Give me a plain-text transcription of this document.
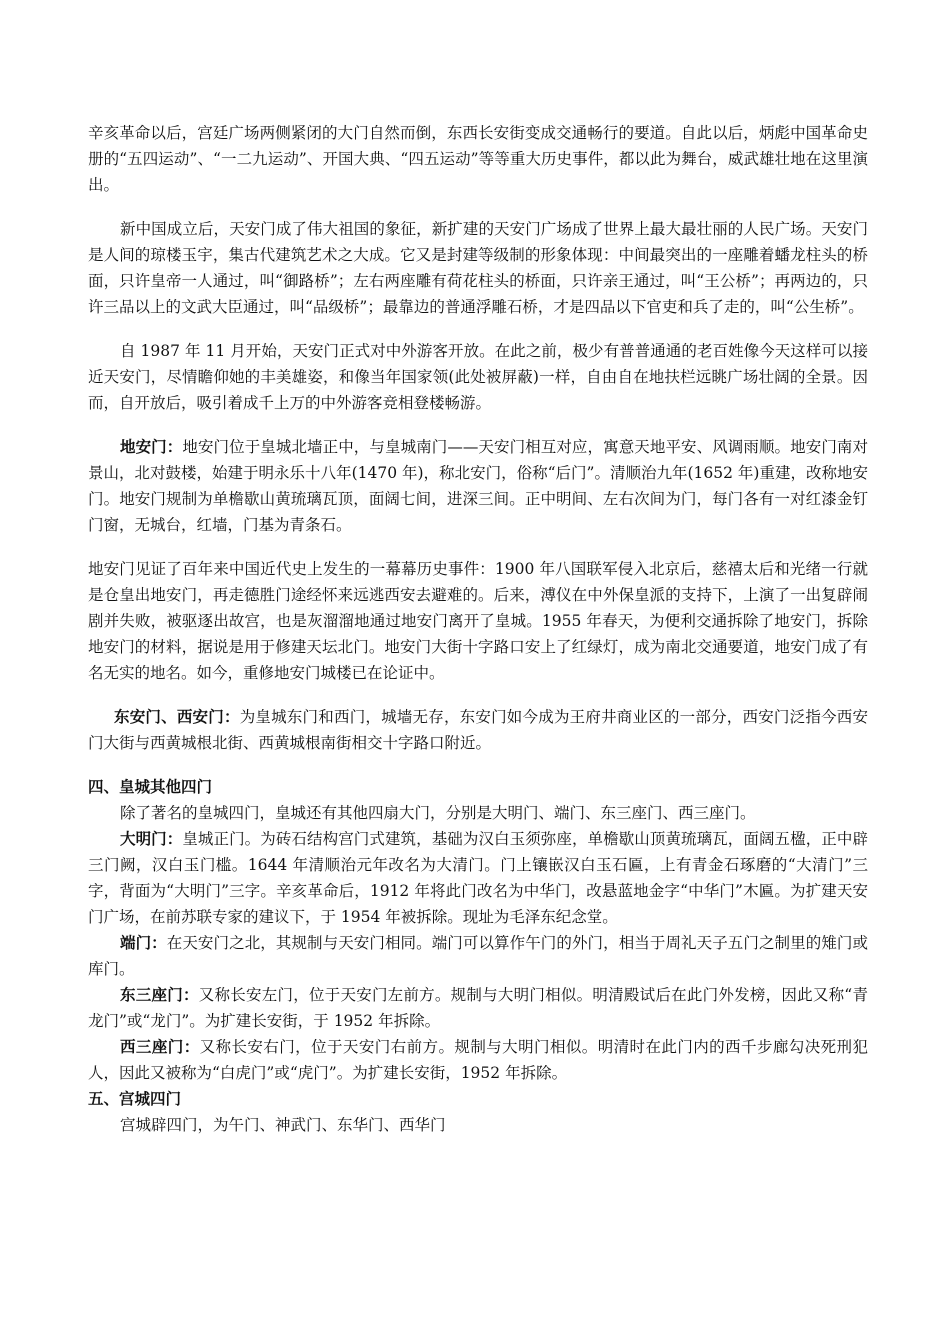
辛亥革命以后，宫廷广场两侧紧闭的大门自然而倒，东西长安街变成交通畅行的要道。自此以后，炳彪中国革命史册的“五四运动”、“一二九运动”、开国大典、“四五运动”等等重大历史事件，都以此为舞台，威武雄壮地在这里演出。

新中国成立后，天安门成了伟大祖国的象征，新扩建的天安门广场成了世界上最大最壮丽的人民广场。天安门是人间的琼楼玉宇，集古代建筑艺术之大成。它又是封建等级制的形象体现：中间最突出的一座雕着蟠龙柱头的桥面，只许皇帝一人通过，叫“御路桥”；左右两座雕有荷花柱头的桥面，只许亲王通过，叫“王公桥”；再两边的，只许三品以上的文武大臣通过，叫“品级桥”；最靠边的普通浮雕石桥，才是四品以下官吏和兵了走的，叫“公生桥”。

自 1987 年 11 月开始，天安门正式对中外游客开放。在此之前，极少有普普通通的老百姓像今天这样可以接近天安门，尽情瞻仰她的丰美雄姿，和像当年国家领(此处被屏蔽)一样，自由自在地扶栏远眺广场壮阔的全景。因而，自开放后，吸引着成千上万的中外游客竞相登楼畅游。

地安门：地安门位于皇城北墙正中，与皇城南门——天安门相互对应，寓意天地平安、风调雨顺。地安门南对景山，北对鼓楼，始建于明永乐十八年(1470 年)，称北安门，俗称“后门”。清顺治九年(1652 年)重建，改称地安门。地安门规制为单檐歇山黄琉璃瓦顶，面阔七间，进深三间。正中明间、左右次间为门，每门各有一对红漆金钉门窗，无城台，红墙，门基为青条石。

地安门见证了百年来中国近代史上发生的一幕幕历史事件：1900 年八国联军侵入北京后，慈禧太后和光绪一行就是仓皇出地安门，再走德胜门途经怀来远逃西安去避难的。后来，溥仪在中外保皇派的支持下，上演了一出复辟闹剧并失败，被驱逐出故宫，也是灰溜溜地通过地安门离开了皇城。1955 年春天，为便利交通拆除了地安门，拆除地安门的材料，据说是用于修建天坛北门。地安门大街十字路口安上了红绿灯，成为南北交通要道，地安门成了有名无实的地名。如今，重修地安门城楼已在论证中。

东安门、西安门：为皇城东门和西门，城墙无存，东安门如今成为王府井商业区的一部分，西安门泛指今西安门大街与西黄城根北街、西黄城根南街相交十字路口附近。

四、皇城其他四门

除了著名的皇城四门，皇城还有其他四扇大门，分别是大明门、端门、东三座门、西三座门。

大明门：皇城正门。为砖石结构宫门式建筑，基础为汉白玉须弥座，单檐歇山顶黄琉璃瓦，面阔五楹，正中辟三门阙，汉白玉门槛。1644 年清顺治元年改名为大清门。门上镶嵌汉白玉石匾，上有青金石琢磨的“大清门”三字，背面为“大明门”三字。辛亥革命后，1912 年将此门改名为中华门，改悬蓝地金字“中华门”木匾。为扩建天安门广场，在前苏联专家的建议下，于 1954 年被拆除。现址为毛泽东纪念堂。

端门：在天安门之北，其规制与天安门相同。端门可以算作午门的外门，相当于周礼天子五门之制里的雉门或库门。

东三座门：又称长安左门，位于天安门左前方。规制与大明门相似。明清殿试后在此门外发榜，因此又称“青龙门”或“龙门”。为扩建长安街，于 1952 年拆除。

西三座门：又称长安右门，位于天安门右前方。规制与大明门相似。明清时在此门内的西千步廊勾决死刑犯人，因此又被称为“白虎门”或“虎门”。为扩建长安街，1952 年拆除。

五、宫城四门

宫城辟四门，为午门、神武门、东华门、西华门
